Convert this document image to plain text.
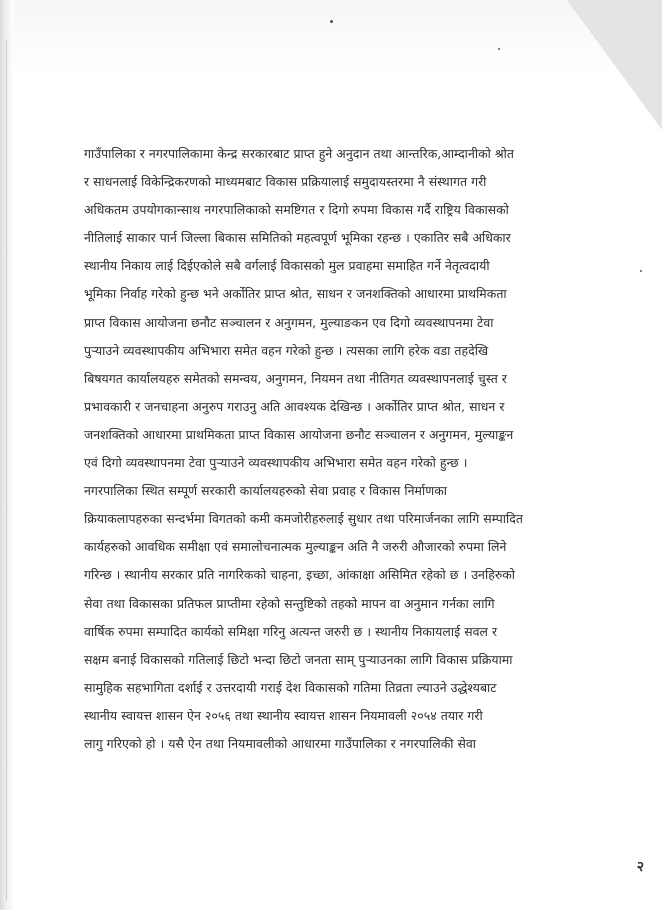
गाउँपालिका र नगरपालिकामा केन्द्र सरकारबाट प्राप्त हुने अनुदान तथा आन्तरिक,आम्दानीको श्रोत
र साधनलाई विकेन्द्रिकरणको माध्यमबाट विकास प्रक्रियालाई समुदायस्तरमा नै संस्थागत गरी
अधिकतम उपयोगकान्साथ नगरपालिकाको समष्टिगत र दिगो रुपमा विकास गर्दै राष्ट्रिय विकासको
नीतिलाई साकार पार्न जिल्ला बिकास समितिको महत्वपूर्ण भूमिका रहन्छ । एकातिर सबै अधिकार
स्थानीय निकाय लाई दिईएकोले सबै वर्गलाई विकासको मुल प्रवाहमा समाहित गर्ने नेतृत्वदायी
भूमिका निर्वाह गरेको हुन्छ भने अर्कोतिर प्राप्त श्रोत, साधन र जनशक्तिको आधारमा प्राथमिकता
प्राप्त विकास आयोजना छनौट सञ्चालन र अनुगमन, मुल्याङकन एव दिगो व्यवस्थापनमा टेवा
पुऱ्याउने व्यवस्थापकीय अभिभारा समेत वहन गरेको हुन्छ । त्यसका लागि हरेक वडा तहदेखि
बिषयगत कार्यालयहरु समेतको समन्वय, अनुगमन, नियमन तथा नीतिगत व्यवस्थापनलाई चुस्त र
प्रभावकारी र जनचाहना अनुरुप गराउनु अति आवश्यक देखिन्छ । अर्कोतिर प्राप्त श्रोत, साधन र
जनशक्तिको आधारमा प्राथमिकता प्राप्त विकास आयोजना छनौट सञ्चालन र अनुगमन, मुल्याङ्कन
एवं दिगो व्यवस्थापनमा टेवा पुऱ्याउने व्यवस्थापकीय अभिभारा समेत वहन गरेको हुन्छ ।
नगरपालिका स्थित सम्पूर्ण सरकारी कार्यालयहरुको सेवा प्रवाह र विकास निर्माणका
क्रियाकलापहरुका सन्दर्भमा विगतको कमी कमजोरीहरुलाई सुधार तथा परिमार्जनका लागि सम्पादित
कार्यहरुको आवधिक समीक्षा एवं समालोचनात्मक मुल्याङ्कन अति नै जरुरी औजारको रुपमा लिने
गरिन्छ । स्थानीय सरकार प्रति नागरिकको चाहना, इच्छा, आंकाक्षा असिमित रहेको छ । उनहिरुको
सेवा तथा विकासका प्रतिफल प्राप्तीमा रहेको सन्तुष्टिको तहको मापन वा अनुमान गर्नका लागि
वार्षिक रुपमा सम्पादित कार्यको समिक्षा गरिनु अत्यन्त जरुरी छ । स्थानीय निकायलाई सवल र
सक्षम बनाई विकासको गतिलाई छिटो भन्दा छिटो जनता साम् पुऱ्याउनका लागि विकास प्रक्रियामा
सामुहिक सहभागिता दर्शाई र उत्तरदायी गराई देश विकासको गतिमा तिव्रता ल्याउने उद्धेश्यबाट
स्थानीय स्वायत्त शासन ऐन २०५६ तथा स्थानीय स्वायत्त शासन नियमावली २०५४ तयार गरी
लागु गरिएको हो । यसै ऐन तथा नियमावलीको आधारमा गाउँपालिका र नगरपालिकी सेवा
२
